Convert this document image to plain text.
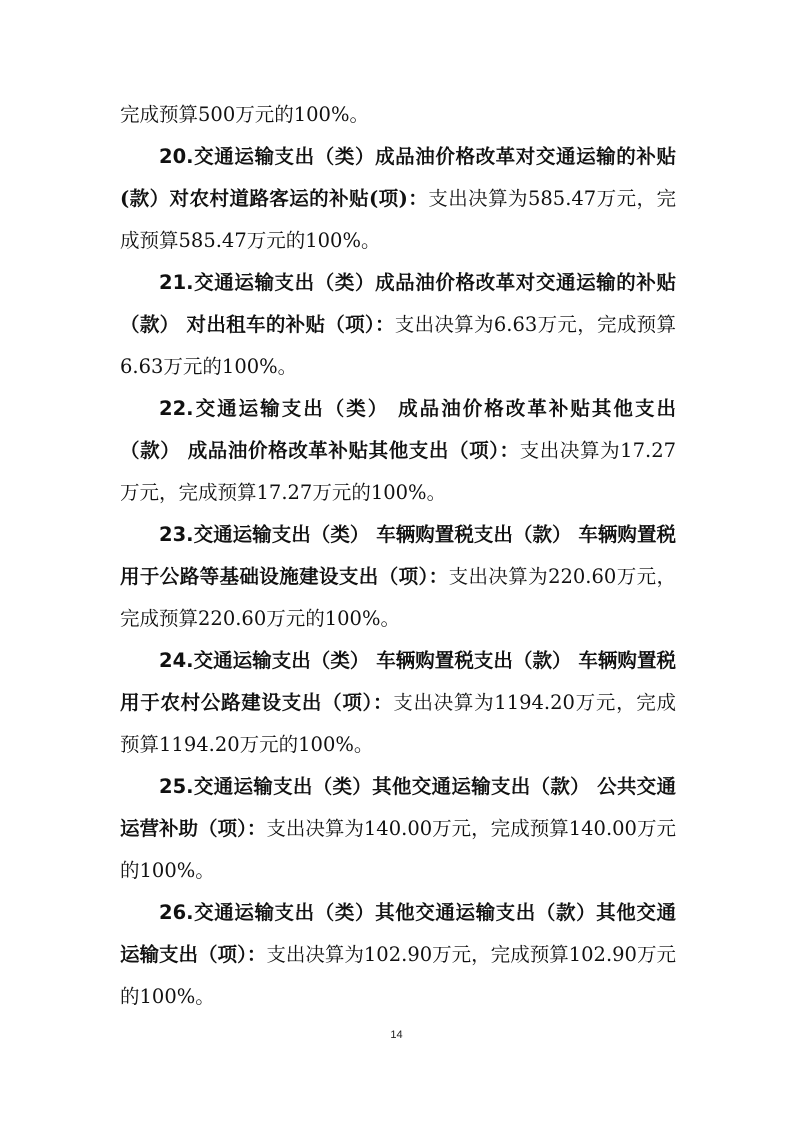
完成预算500万元的100%。

20.交通运输支出（类）成品油价格改革对交通运输的补贴(款）对农村道路客运的补贴(项)：支出决算为585.47万元，完成预算585.47万元的100%。

21.交通运输支出（类）成品油价格改革对交通运输的补贴（款） 对出租车的补贴（项）：支出决算为6.63万元，完成预算6.63万元的100%。

22.交通运输支出（类） 成品油价格改革补贴其他支出（款） 成品油价格改革补贴其他支出（项）：支出决算为17.27万元，完成预算17.27万元的100%。

23.交通运输支出（类） 车辆购置税支出（款） 车辆购置税用于公路等基础设施建设支出（项）：支出决算为220.60万元，完成预算220.60万元的100%。

24.交通运输支出（类） 车辆购置税支出（款） 车辆购置税用于农村公路建设支出（项）：支出决算为1194.20万元，完成预算1194.20万元的100%。

25.交通运输支出（类）其他交通运输支出（款） 公共交通运营补助（项）：支出决算为140.00万元，完成预算140.00万元的100%。

26.交通运输支出（类）其他交通运输支出（款）其他交通运输支出（项）：支出决算为102.90万元，完成预算102.90万元的100%。

14
